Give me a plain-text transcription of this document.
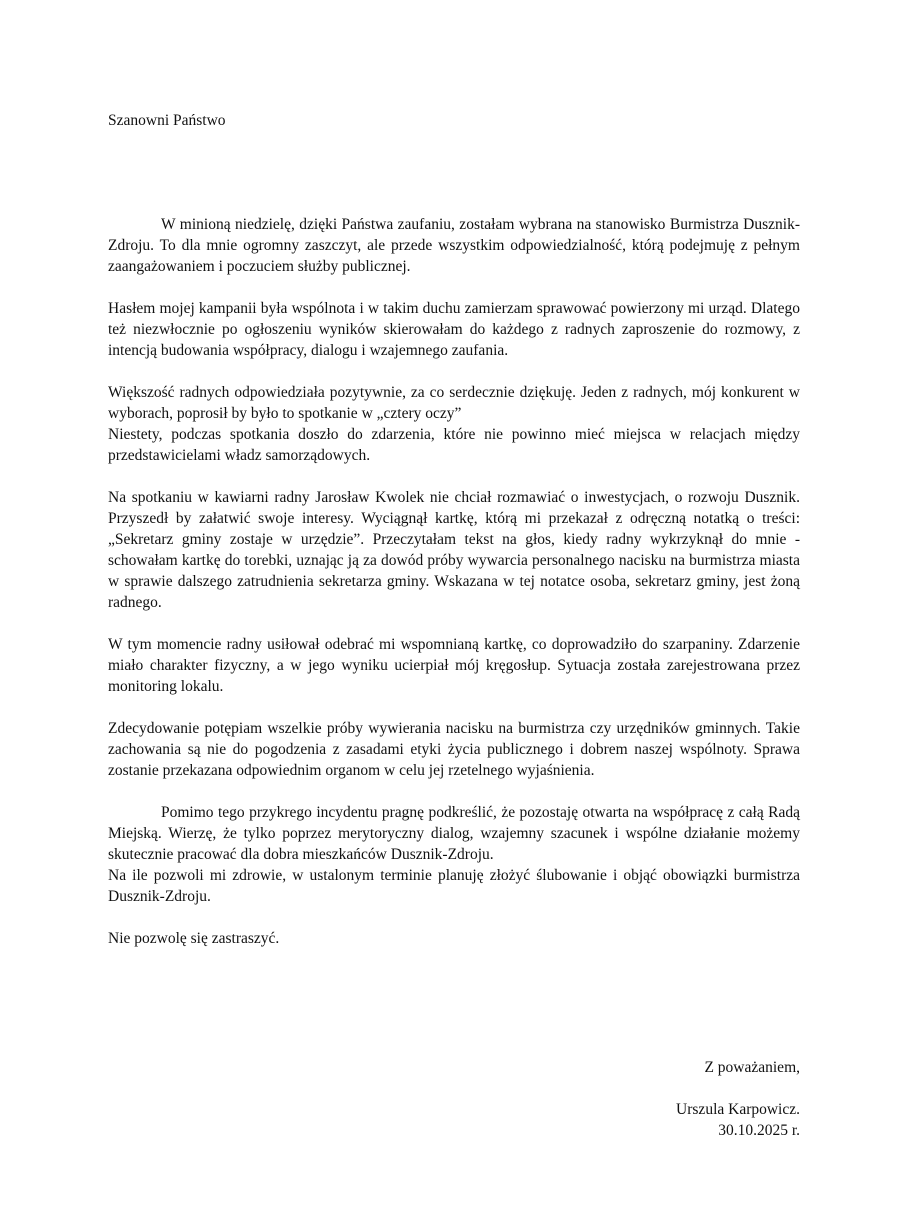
Szanowni Państwo

W minioną niedzielę, dzięki Państwa zaufaniu, zostałam wybrana na stanowisko Burmistrza Dusznik-Zdroju. To dla mnie ogromny zaszczyt, ale przede wszystkim odpowiedzialność, którą podejmuję z pełnym zaangażowaniem i poczuciem służby publicznej.

Hasłem mojej kampanii była wspólnota i w takim duchu zamierzam sprawować powierzony mi urząd. Dlatego też niezwłocznie po ogłoszeniu wyników skierowałam do każdego z radnych zaproszenie do rozmowy, z intencją budowania współpracy, dialogu i wzajemnego zaufania.

Większość radnych odpowiedziała pozytywnie, za co serdecznie dziękuję. Jeden z radnych, mój konkurent w wyborach, poprosił by było to spotkanie w „cztery oczy”
Niestety, podczas spotkania doszło do zdarzenia, które nie powinno mieć miejsca w relacjach między przedstawicielami władz samorządowych.

Na spotkaniu w kawiarni radny Jarosław Kwolek nie chciał rozmawiać o inwestycjach, o rozwoju Dusznik. Przyszedł by załatwić swoje interesy. Wyciągnął kartkę, którą mi przekazał z odręczną notatką o treści: „Sekretarz gminy zostaje w urzędzie”. Przeczytałam tekst na głos, kiedy radny wykrzyknął do mnie - schowałam kartkę do torebki, uznając ją za dowód próby wywarcia personalnego nacisku na burmistrza miasta w sprawie dalszego zatrudnienia sekretarza gminy. Wskazana w tej notatce osoba, sekretarz gminy, jest żoną radnego.

W tym momencie radny usiłował odebrać mi wspomnianą kartkę, co doprowadziło do szarpaniny. Zdarzenie miało charakter fizyczny, a w jego wyniku ucierpiał mój kręgosłup. Sytuacja została zarejestrowana przez monitoring lokalu.

Zdecydowanie potępiam wszelkie próby wywierania nacisku na burmistrza czy urzędników gminnych. Takie zachowania są nie do pogodzenia z zasadami etyki życia publicznego i dobrem naszej wspólnoty. Sprawa zostanie przekazana odpowiednim organom w celu jej rzetelnego wyjaśnienia.

Pomimo tego przykrego incydentu pragnę podkreślić, że pozostaję otwarta na współpracę z całą Radą Miejską. Wierzę, że tylko poprzez merytoryczny dialog, wzajemny szacunek i wspólne działanie możemy skutecznie pracować dla dobra mieszkańców Dusznik-Zdroju.

Na ile pozwoli mi zdrowie, w ustalonym terminie planuję złożyć ślubowanie i objąć obowiązki burmistrza Dusznik-Zdroju.

Nie pozwolę się zastraszyć.

Z poważaniem,
Urszula Karpowicz.
30.10.2025 r.
